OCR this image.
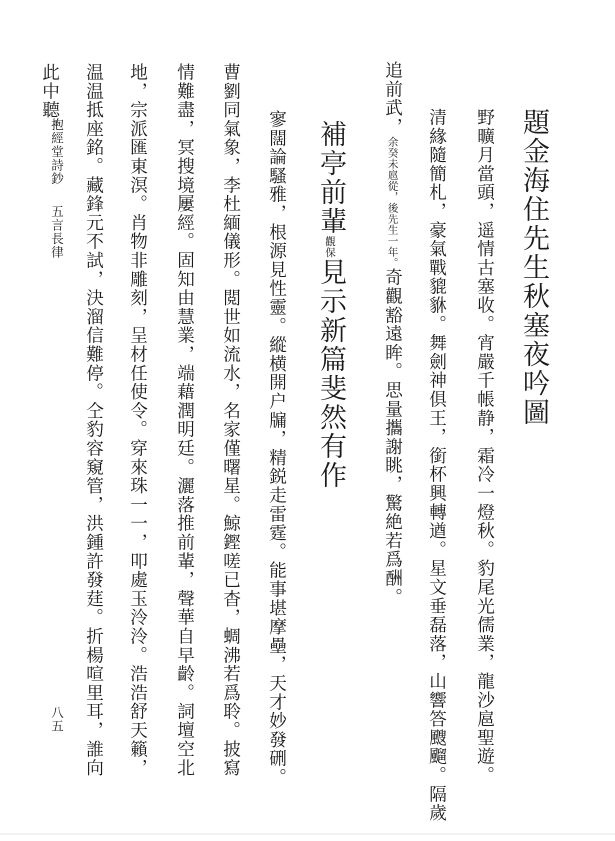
題金海住先生秋塞夜吟圖
野曠月當頭，遥情古塞收。宵嚴千帳静，霜冷一燈秋。豹尾光儒業，龍沙扈聖遊。
清緣隨簡札，豪氣戰貔貅。舞劍神俱王，銜杯興轉遒。星文垂磊落，山響答颼飀。隔歲
追前武，余癸未扈從，後先生一年。奇觀豁遠眸。思量攜謝眺，驚絶若爲酬。
補亭前輩觀保見示新篇斐然有作
寥闊論騷雅，根源見性靈。縱横開户牖，精鋭走雷霆。能事堪摩壘，天才妙發硎。
曹劉同氣象，李杜緬儀形。閲世如流水，名家僅曙星。鯨鏗嗟已杳，蜩沸若爲聆。披寫
情難盡，冥搜境屢經。固知由慧業，端藉潤明廷。灑落推前輩，聲華自早齡。詞壇空北
地，宗派匯東溟。肖物非雕刻，呈材任使令。穿來珠一一，叩處玉泠泠。浩浩舒天籟，
温温抵座銘。藏鋒元不試，決溜信難停。仝豹容窺管，洪鍾許發莛。折楊喧里耳，誰向
此中聽。
抱經堂詩鈔
五言長律
八五
